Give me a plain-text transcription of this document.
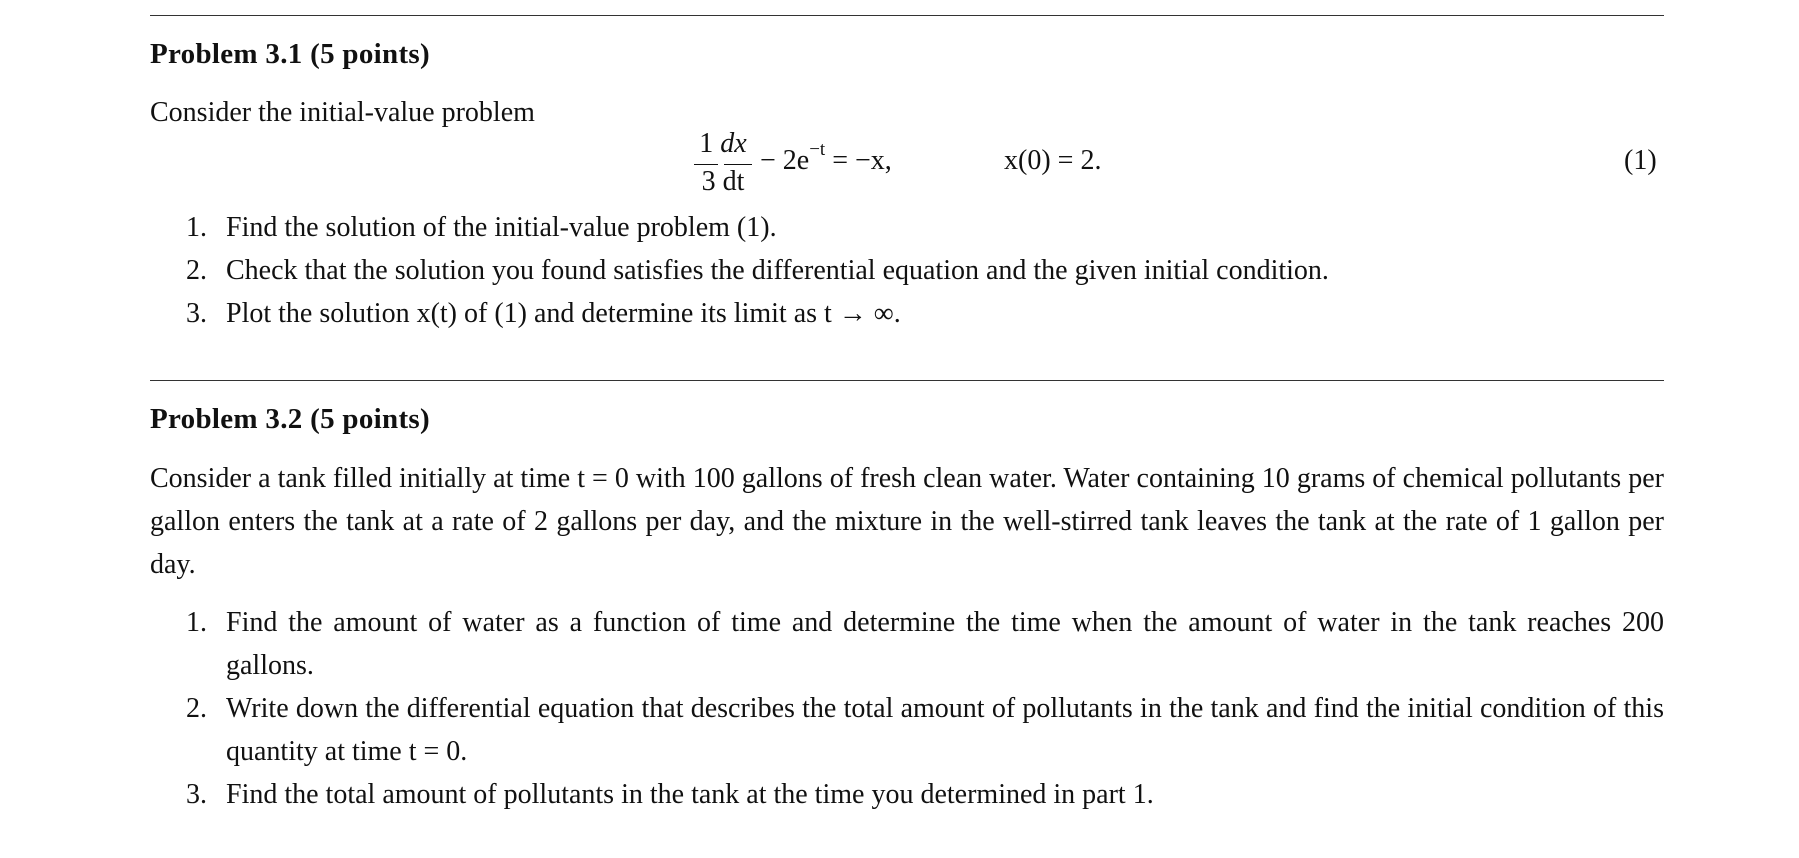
Problem 3.1 (5 points)
Consider the initial-value problem
1 dx
3 dt
− $2e^{-t} = -x$,	x(0) = 2.	(1)
1. Find the solution of the initial-value problem (1).
2. Check that the solution you found satisfies the differential equation and the given initial condition.
3. Plot the solution x(t) of (1) and determine its limit as t → ∞.
Problem 3.2 (5 points)
Consider a tank filled initially at time t = 0 with 100 gallons of fresh clean water. Water containing 10 grams of chemical pollutants per gallon enters the tank at a rate of 2 gallons per day, and the mixture in the well-stirred tank leaves the tank at the rate of 1 gallon per day.
1. Find the amount of water as a function of time and determine the time when the amount of water in the tank reaches 200 gallons.
2. Write down the differential equation that describes the total amount of pollutants in the tank and find the initial condition of this quantity at time t = 0.
3. Find the total amount of pollutants in the tank at the time you determined in part 1.
